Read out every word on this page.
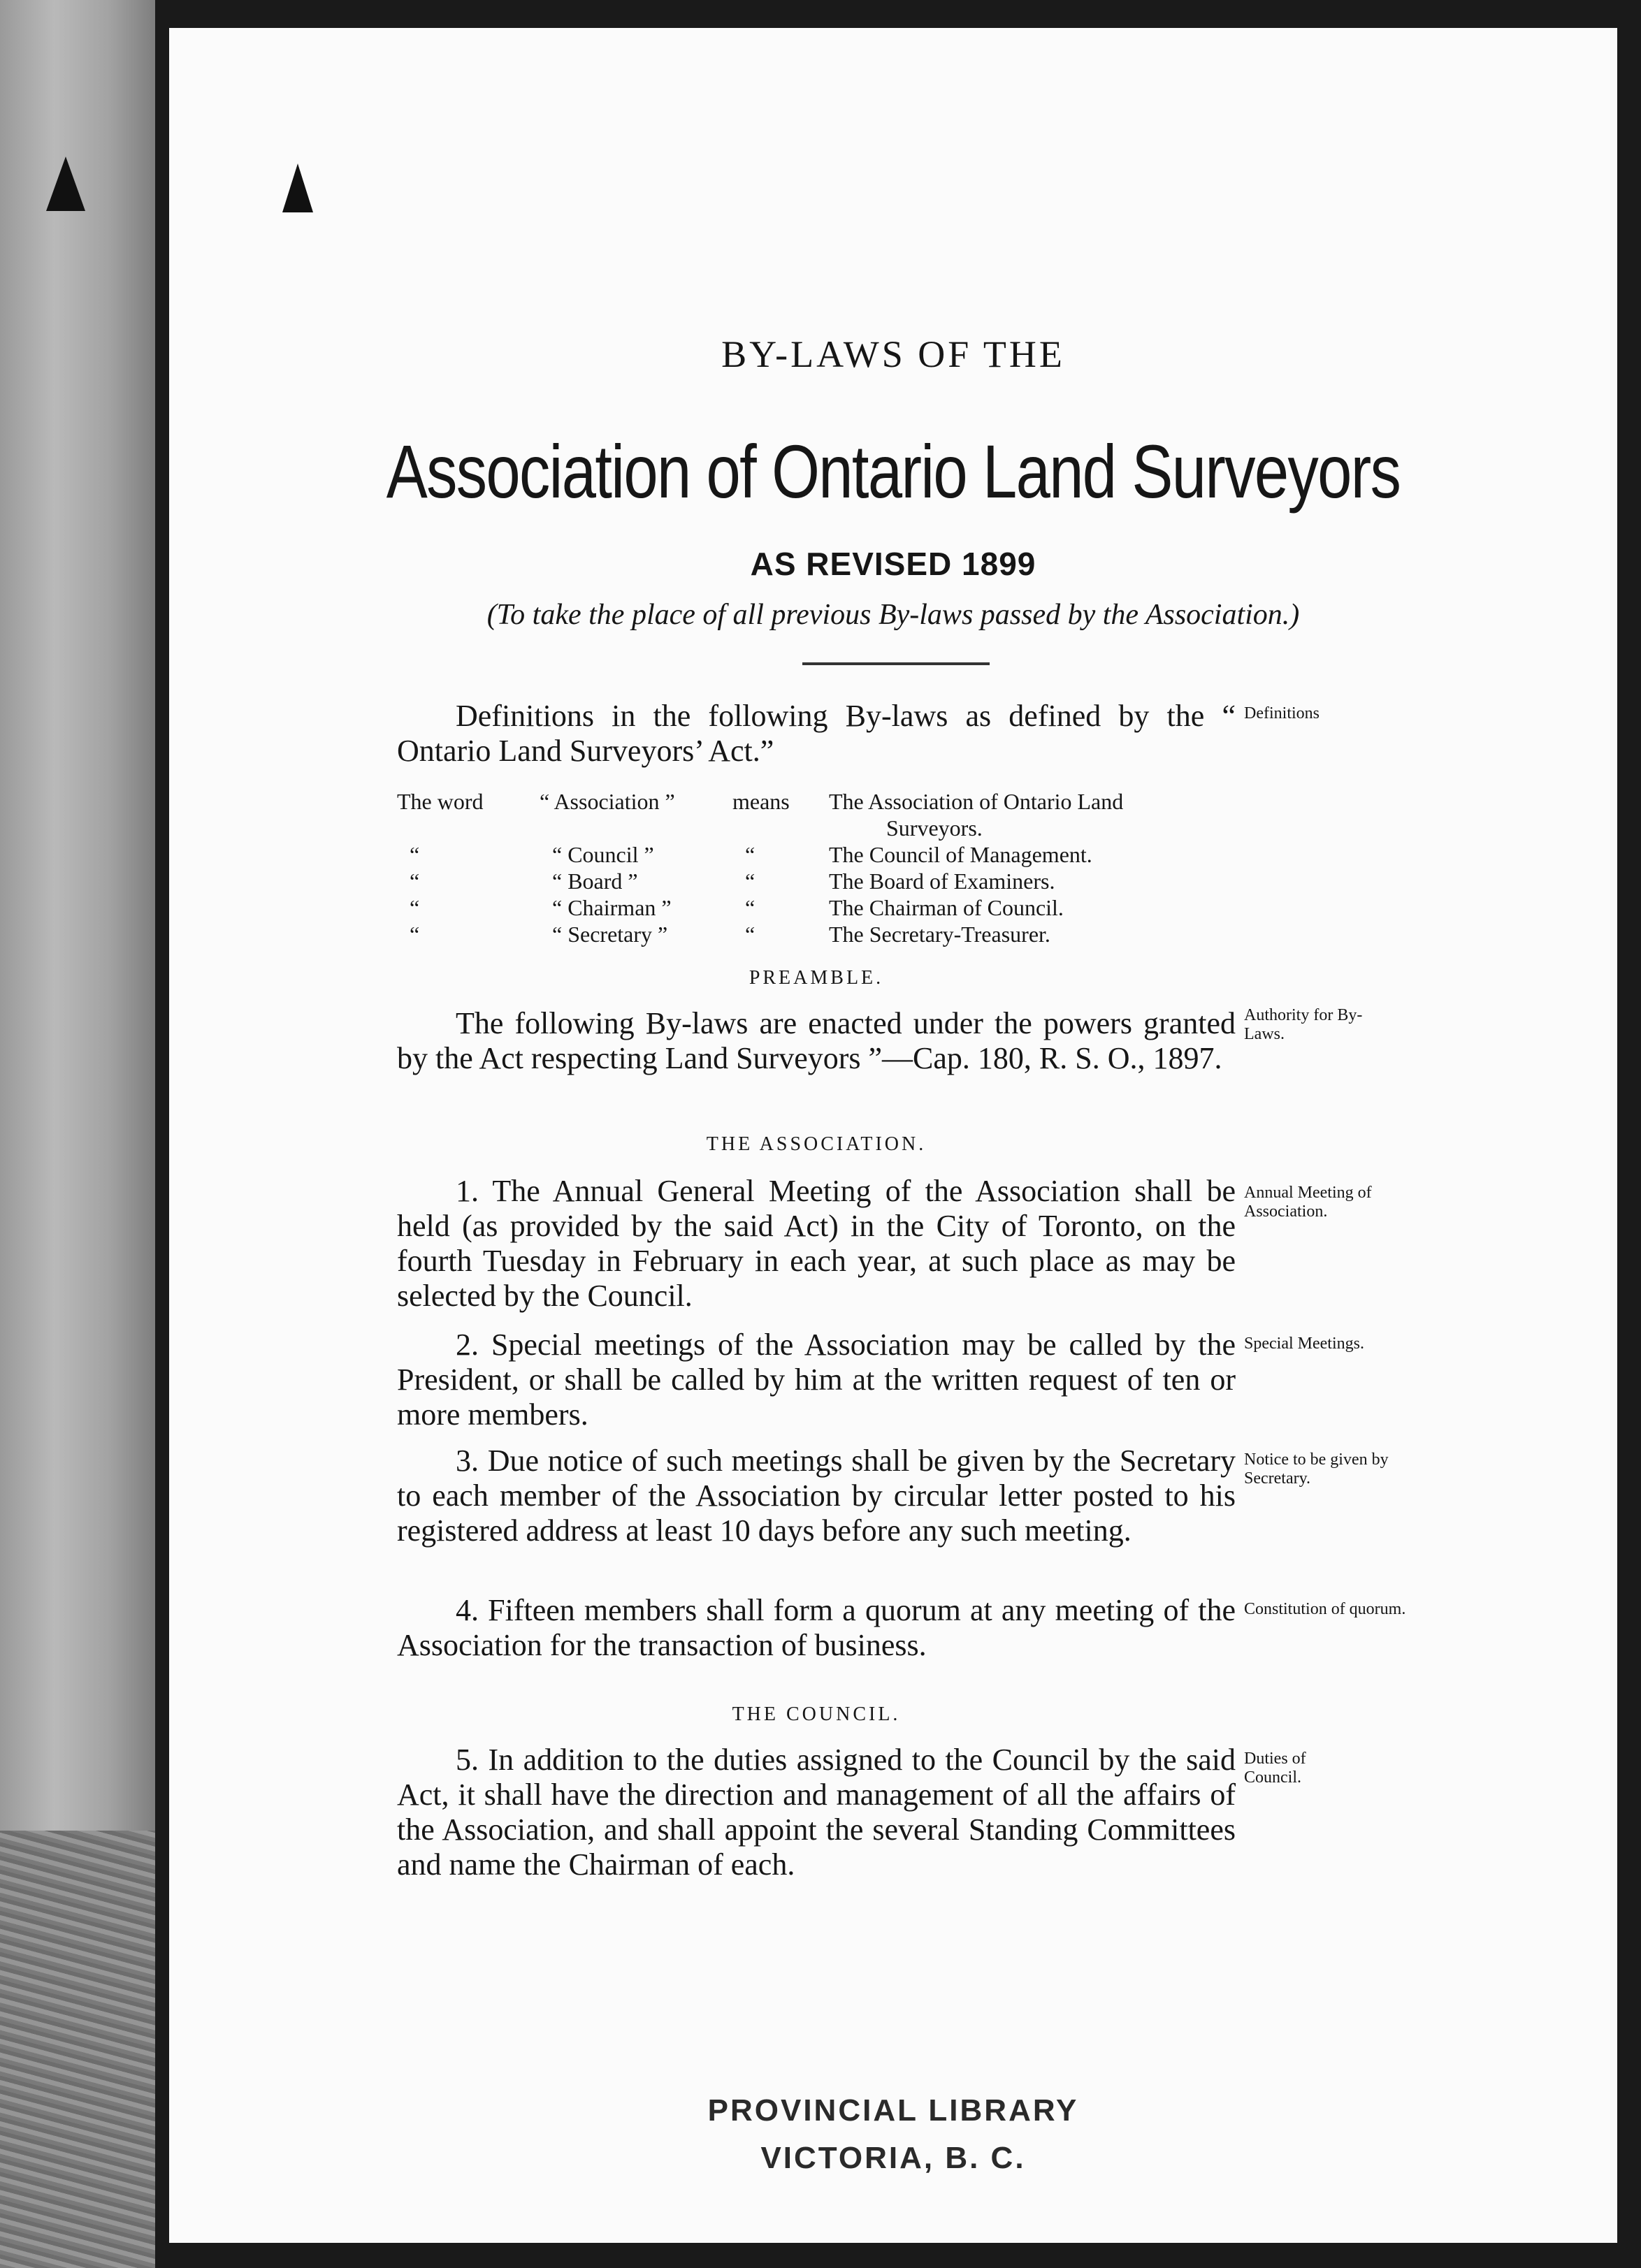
BY-LAWS OF THE
Association of Ontario Land Surveyors
AS REVISED 1899
(To take the place of all previous By-laws passed by the Association.)
Definitions in the following By-laws as defined by the “ Ontario Land Surveyors’ Act.”
Definitions
The word	“ Association ”	means	The Association of Ontario Land
			Surveyors.
“	“ Council ”	“	The Council of Management.
“	“ Board ”	“	The Board of Examiners.
“	“ Chairman ”	“	The Chairman of Council.
“	“ Secretary ”	“	The Secretary-Treasurer.
PREAMBLE.
The following By-laws are enacted under the powers granted by the Act respecting Land Surveyors ”—Cap. 180, R. S. O., 1897.
Authority for By-Laws.
THE ASSOCIATION.
1. The Annual General Meeting of the Association shall be held (as provided by the said Act) in the City of Toronto, on the fourth Tuesday in February in each year, at such place as may be selected by the Council.
Annual Meeting of Association.
2. Special meetings of the Association may be called by the President, or shall be called by him at the written request of ten or more members.
Special Meetings.
3. Due notice of such meetings shall be given by the Secretary to each member of the Association by circular letter posted to his registered address at least 10 days before any such meeting.
Notice to be given by Secretary.
4. Fifteen members shall form a quorum at any meeting of the Association for the transaction of business.
Constitution of quorum.
THE COUNCIL.
5. In addition to the duties assigned to the Council by the said Act, it shall have the direction and management of all the affairs of the Association, and shall appoint the several Standing Committees and name the Chairman of each.
Duties of Council.
PROVINCIAL LIBRARY
VICTORIA, B. C.
